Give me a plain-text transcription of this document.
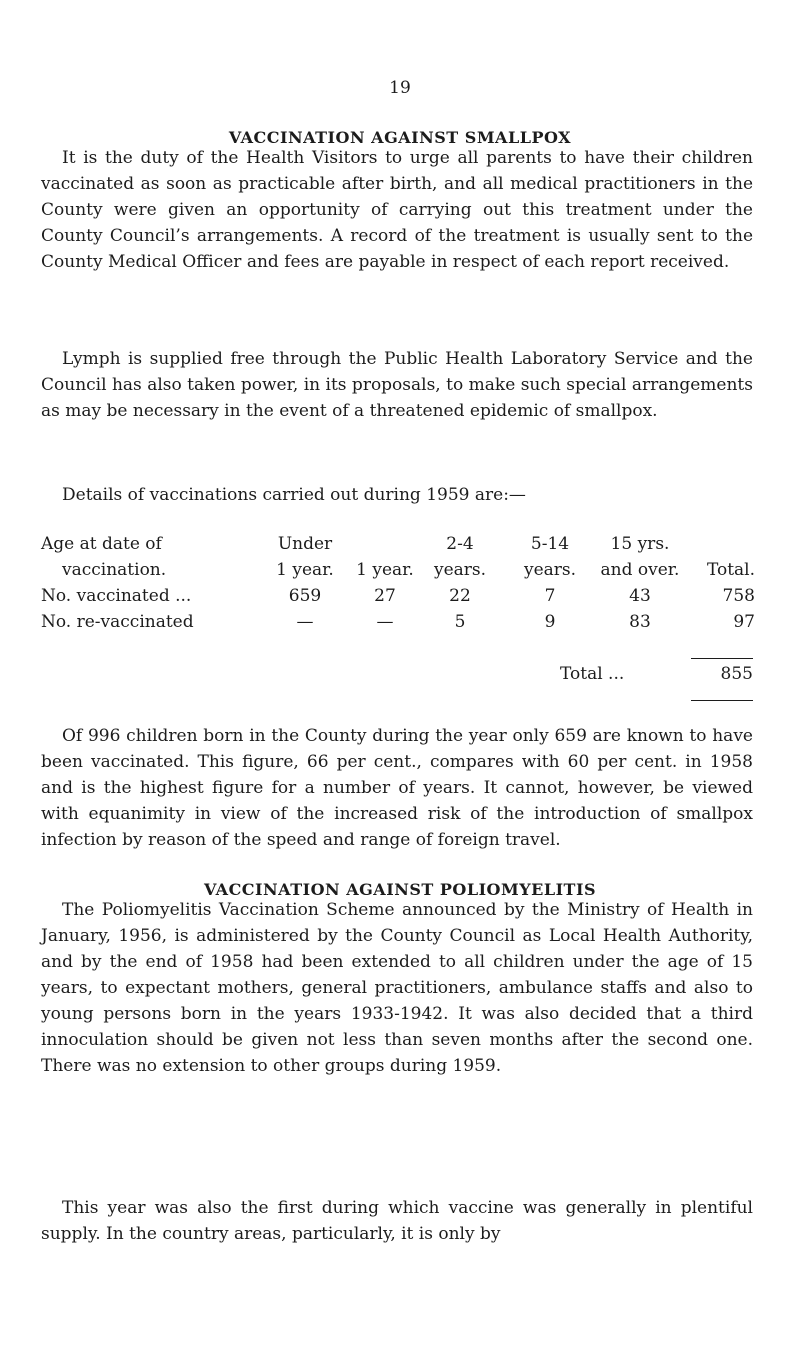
19
VACCINATION AGAINST SMALLPOX

It is the duty of the Health Visitors to urge all parents to have their children vaccinated as soon as practicable after birth, and all medical practitioners in the County were given an opportunity of carrying out this treatment under the County Council’s arrangements. A record of the treatment is usually sent to the County Medical Officer and fees are payable in respect of each report received.

Lymph is supplied free through the Public Health Laboratory Service and the Council has also taken power, in its proposals, to make such special arrangements as may be necessary in the event of a threatened epidemic of smallpox.

Details of vaccinations carried out during 1959 are:—
Age at date of	Under		2-4	5-14	15 yrs.	
vaccination.	1 year.	1 year.	years.	years.	and over.	Total.
No. vaccinated ...	659	27	22	7	43	758
No. re-vaccinated	—	—	5	9	83	97
Total ...	855

Of 996 children born in the County during the year only 659 are known to have been vaccinated. This figure, 66 per cent., compares with 60 per cent. in 1958 and is the highest figure for a number of years. It cannot, however, be viewed with equanimity in view of the increased risk of the introduction of smallpox infection by reason of the speed and range of foreign travel.

VACCINATION AGAINST POLIOMYELITIS

The Poliomyelitis Vaccination Scheme announced by the Ministry of Health in January, 1956, is administered by the County Council as Local Health Authority, and by the end of 1958 had been extended to all children under the age of 15 years, to expectant mothers, general practitioners, ambulance staffs and also to young persons born in the years 1933-1942. It was also decided that a third innoculation should be given not less than seven months after the second one. There was no extension to other groups during 1959.

This year was also the first during which vaccine was generally in plentiful supply. In the country areas, particularly, it is only by
